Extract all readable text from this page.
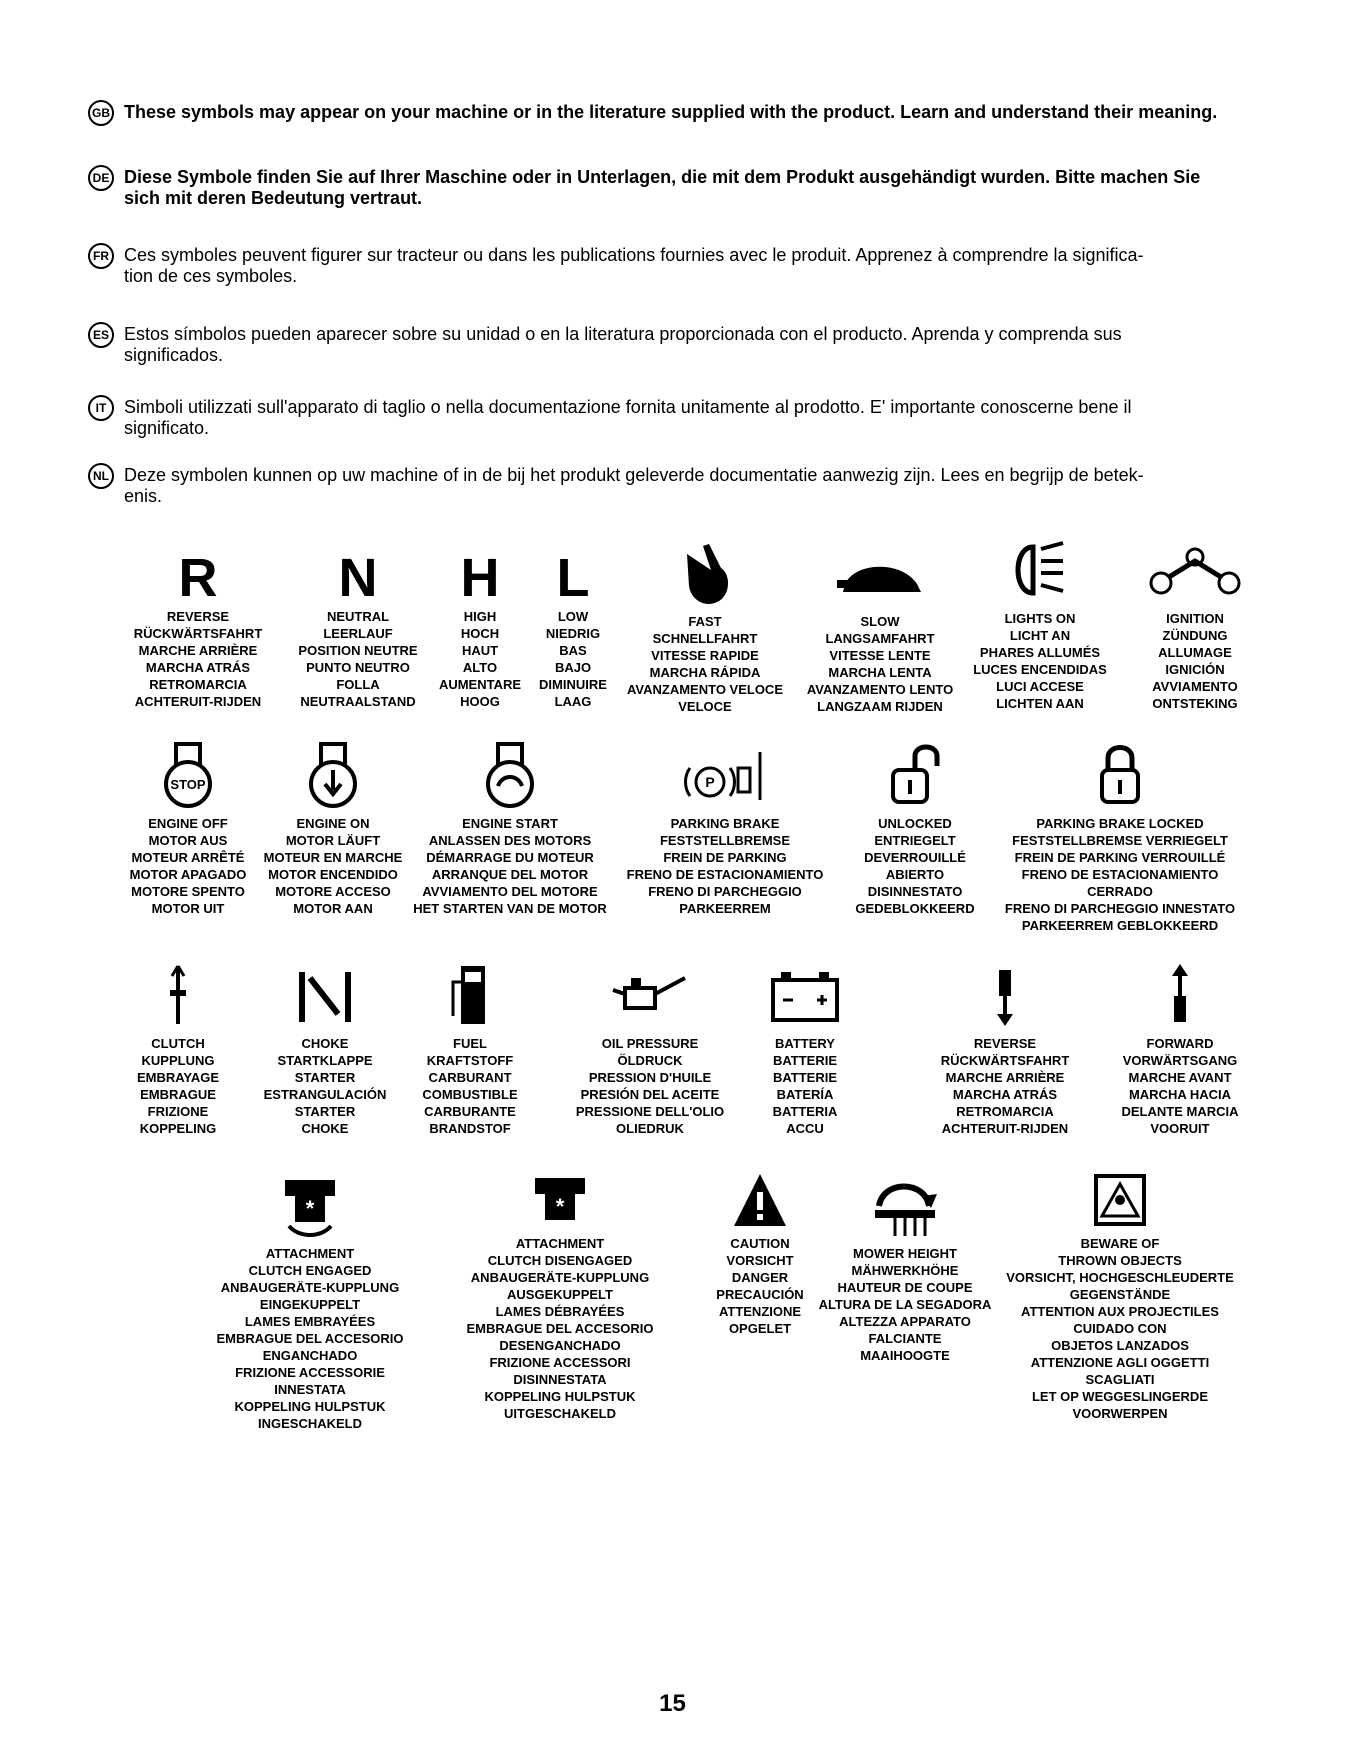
GB These symbols may appear on your machine or in the literature supplied with the product. Learn and understand their meaning.
DE Diese Symbole finden Sie auf Ihrer Maschine oder in Unterlagen, die mit dem Produkt ausgehändigt wurden. Bitte machen Sie
sich mit deren Bedeutung vertraut.
FR Ces symboles peuvent figurer sur tracteur ou dans les publications fournies avec le produit. Apprenez à comprendre la significa-
tion de ces symboles.
ES Estos símbolos pueden aparecer sobre su unidad o en la literatura proporcionada con el producto. Aprenda y comprenda sus
significados.
IT Simboli utilizzati sull'apparato di taglio o nella documentazione fornita unitamente al prodotto. E' importante conoscerne bene il
significato.
NL Deze symbolen kunnen op uw machine of in de bij het produkt geleverde documentatie aanwezig zijn. Lees en begrijp de betek-
enis.
R
REVERSE
RÜCKWÄRTSFAHRT
MARCHE ARRIÈRE
MARCHA ATRÁS
RETROMARCIA
ACHTERUIT-RIJDEN
N
NEUTRAL
LEERLAUF
POSITION NEUTRE
PUNTO NEUTRO
FOLLA
NEUTRAALSTAND
H
HIGH
HOCH
HAUT
ALTO
AUMENTARE
HOOG
L
LOW
NIEDRIG
BAS
BAJO
DIMINUIRE
LAAG
FAST
SCHNELLFAHRT
VITESSE RAPIDE
MARCHA RÁPIDA
AVANZAMENTO VELOCE
VELOCE
SLOW
LANGSAMFAHRT
VITESSE LENTE
MARCHA LENTA
AVANZAMENTO LENTO
LANGZAAM RIJDEN
LIGHTS ON
LICHT AN
PHARES ALLUMÉS
LUCES ENCENDIDAS
LUCI ACCESE
LICHTEN AAN
IGNITION
ZÜNDUNG
ALLUMAGE
IGNICIÓN
AVVIAMENTO
ONTSTEKING
STOP
ENGINE OFF
MOTOR AUS
MOTEUR ARRÊTÉ
MOTOR APAGADO
MOTORE SPENTO
MOTOR UIT
ENGINE ON
MOTOR LÄUFT
MOTEUR EN MARCHE
MOTOR ENCENDIDO
MOTORE ACCESO
MOTOR AAN
ENGINE START
ANLASSEN DES MOTORS
DÉMARRAGE DU MOTEUR
ARRANQUE DEL MOTOR
AVVIAMENTO DEL MOTORE
HET STARTEN VAN DE MOTOR
P
PARKING BRAKE
FESTSTELLBREMSE
FREIN DE PARKING
FRENO DE ESTACIONAMIENTO
FRENO DI PARCHEGGIO
PARKEERREM
UNLOCKED
ENTRIEGELT
DEVERROUILLÉ
ABIERTO
DISINNESTATO
GEDEBLOKKEERD
PARKING BRAKE LOCKED
FESTSTELLBREMSE VERRIEGELT
FREIN DE PARKING VERROUILLÉ
FRENO DE ESTACIONAMIENTO
CERRADO
FRENO DI PARCHEGGIO INNESTATO
PARKEERREM GEBLOKKEERD
CLUTCH
KUPPLUNG
EMBRAYAGE
EMBRAGUE
FRIZIONE
KOPPELING
CHOKE
STARTKLAPPE
STARTER
ESTRANGULACIÓN
STARTER
CHOKE
FUEL
KRAFTSTOFF
CARBURANT
COMBUSTIBLE
CARBURANTE
BRANDSTOF
OIL PRESSURE
ÖLDRUCK
PRESSION D'HUILE
PRESIÓN DEL ACEITE
PRESSIONE DELL'OLIO
OLIEDRUK
BATTERY
BATTERIE
BATTERIE
BATERÍA
BATTERIA
ACCU
REVERSE
RÜCKWÄRTSFAHRT
MARCHE ARRIÈRE
MARCHA ATRÁS
RETROMARCIA
ACHTERUIT-RIJDEN
FORWARD
VORWÄRTSGANG
MARCHE AVANT
MARCHA HACIA
DELANTE MARCIA
VOORUIT
*
ATTACHMENT
CLUTCH ENGAGED
ANBAUGERÄTE-KUPPLUNG
EINGEKUPPELT
LAMES EMBRAYÉES
EMBRAGUE DEL ACCESORIO
ENGANCHADO
FRIZIONE ACCESSORIE
INNESTATA
KOPPELING HULPSTUK
INGESCHAKELD
*
ATTACHMENT
CLUTCH DISENGAGED
ANBAUGERÄTE-KUPPLUNG
AUSGEKUPPELT
LAMES DÉBRAYÉES
EMBRAGUE DEL ACCESORIO
DESENGANCHADO
FRIZIONE ACCESSORI
DISINNESTATA
KOPPELING HULPSTUK
UITGESCHAKELD
CAUTION
VORSICHT
DANGER
PRECAUCIÓN
ATTENZIONE
OPGELET
MOWER HEIGHT
MÄHWERKHÖHE
HAUTEUR DE COUPE
ALTURA DE LA SEGADORA
ALTEZZA APPARATO
FALCIANTE
MAAIHOOGTE
BEWARE OF
THROWN OBJECTS
VORSICHT, HOCHGESCHLEUDERTE
GEGENSTÄNDE
ATTENTION AUX PROJECTILES
CUIDADO CON
OBJETOS LANZADOS
ATTENZIONE AGLI OGGETTI
SCAGLIATI
LET OP WEGGESLINGERDE
VOORWERPEN
15
